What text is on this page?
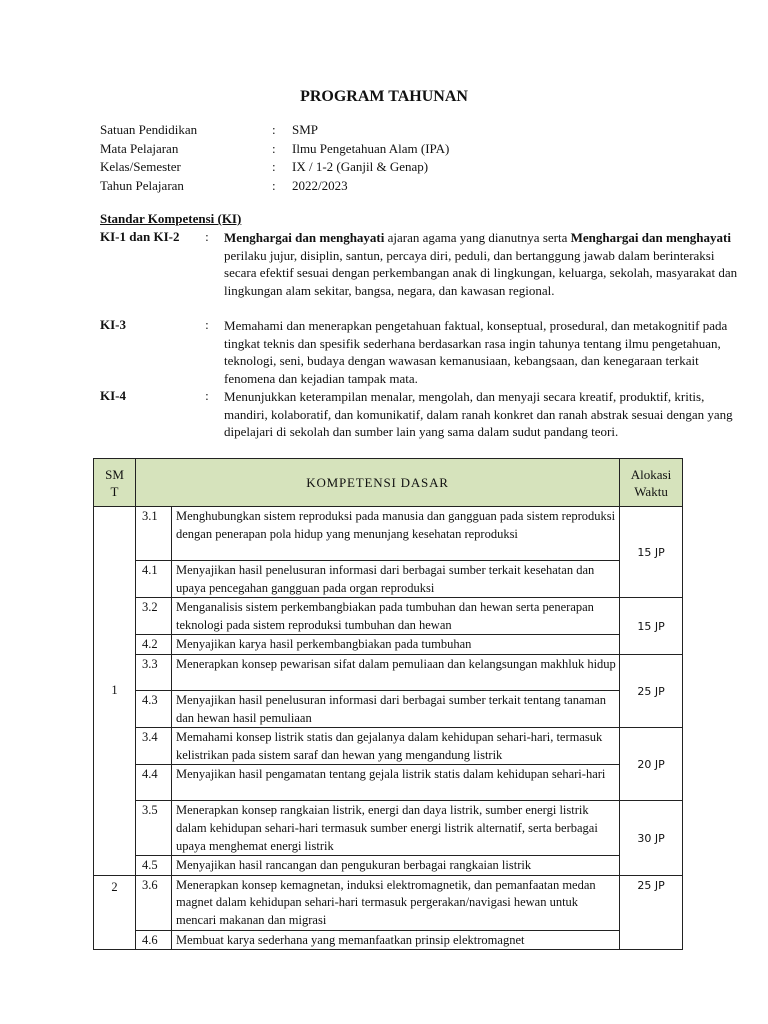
PROGRAM TAHUNAN
Satuan Pendidikan	:	SMP
Mata Pelajaran	:	Ilmu Pengetahuan Alam (IPA)
Kelas/Semester	:	IX / 1-2 (Ganjil & Genap)
Tahun Pelajaran	:	2022/2023
Standar Kompetensi (KI)
KI-1 dan KI-2	:	Menghargai dan menghayati ajaran agama yang dianutnya serta Menghargai dan menghayati perilaku jujur, disiplin, santun, percaya diri, peduli, dan bertanggung jawab dalam berinteraksi secara efektif sesuai dengan perkembangan anak di lingkungan, keluarga, sekolah, masyarakat dan lingkungan alam sekitar, bangsa, negara, dan kawasan regional.
KI-3	:	Memahami dan menerapkan pengetahuan faktual, konseptual, prosedural, dan metakognitif pada tingkat teknis dan spesifik sederhana berdasarkan rasa ingin tahunya tentang ilmu pengetahuan, teknologi, seni, budaya dengan wawasan kemanusiaan, kebangsaan, dan kenegaraan terkait fenomena dan kejadian tampak mata.
KI-4	:	Menunjukkan keterampilan menalar, mengolah, dan menyaji secara kreatif, produktif, kritis, mandiri, kolaboratif, dan komunikatif, dalam ranah konkret dan ranah abstrak sesuai dengan yang dipelajari di sekolah dan sumber lain yang sama dalam sudut pandang teori.
SM T	KOMPETENSI DASAR		Alokasi
Waktu
1	3.1	Menghubungkan sistem reproduksi pada manusia dan gangguan pada sistem reproduksi dengan penerapan pola hidup yang menunjang kesehatan reproduksi	15 JP
	4.1	Menyajikan hasil penelusuran informasi dari berbagai sumber terkait kesehatan dan upaya pencegahan gangguan pada organ reproduksi	
	3.2	Menganalisis sistem perkembangbiakan pada tumbuhan dan hewan serta penerapan teknologi pada sistem reproduksi tumbuhan dan hewan	15 JP
	4.2	Menyajikan karya hasil perkembangbiakan pada tumbuhan	
	3.3	Menerapkan konsep pewarisan sifat dalam pemuliaan dan kelangsungan makhluk hidup	25 JP
	4.3	Menyajikan hasil penelusuran informasi dari berbagai sumber terkait tentang tanaman dan hewan hasil pemuliaan	
	3.4	Memahami konsep listrik statis dan gejalanya dalam kehidupan sehari-hari, termasuk kelistrikan pada sistem saraf dan hewan yang mengandung listrik	20 JP
	4.4	Menyajikan hasil pengamatan tentang gejala listrik statis dalam kehidupan sehari-hari	
	3.5	Menerapkan konsep rangkaian listrik, energi dan daya listrik, sumber energi listrik dalam kehidupan sehari-hari termasuk sumber energi listrik alternatif, serta berbagai upaya menghemat energi listrik	30 JP
	4.5	Menyajikan hasil rancangan dan pengukuran berbagai rangkaian listrik	
2	3.6	Menerapkan konsep kemagnetan, induksi elektromagnetik, dan pemanfaatan medan magnet dalam kehidupan sehari-hari termasuk pergerakan/navigasi hewan untuk mencari makanan dan migrasi	25 JP
	4.6	Membuat karya sederhana yang memanfaatkan prinsip elektromagnet	
